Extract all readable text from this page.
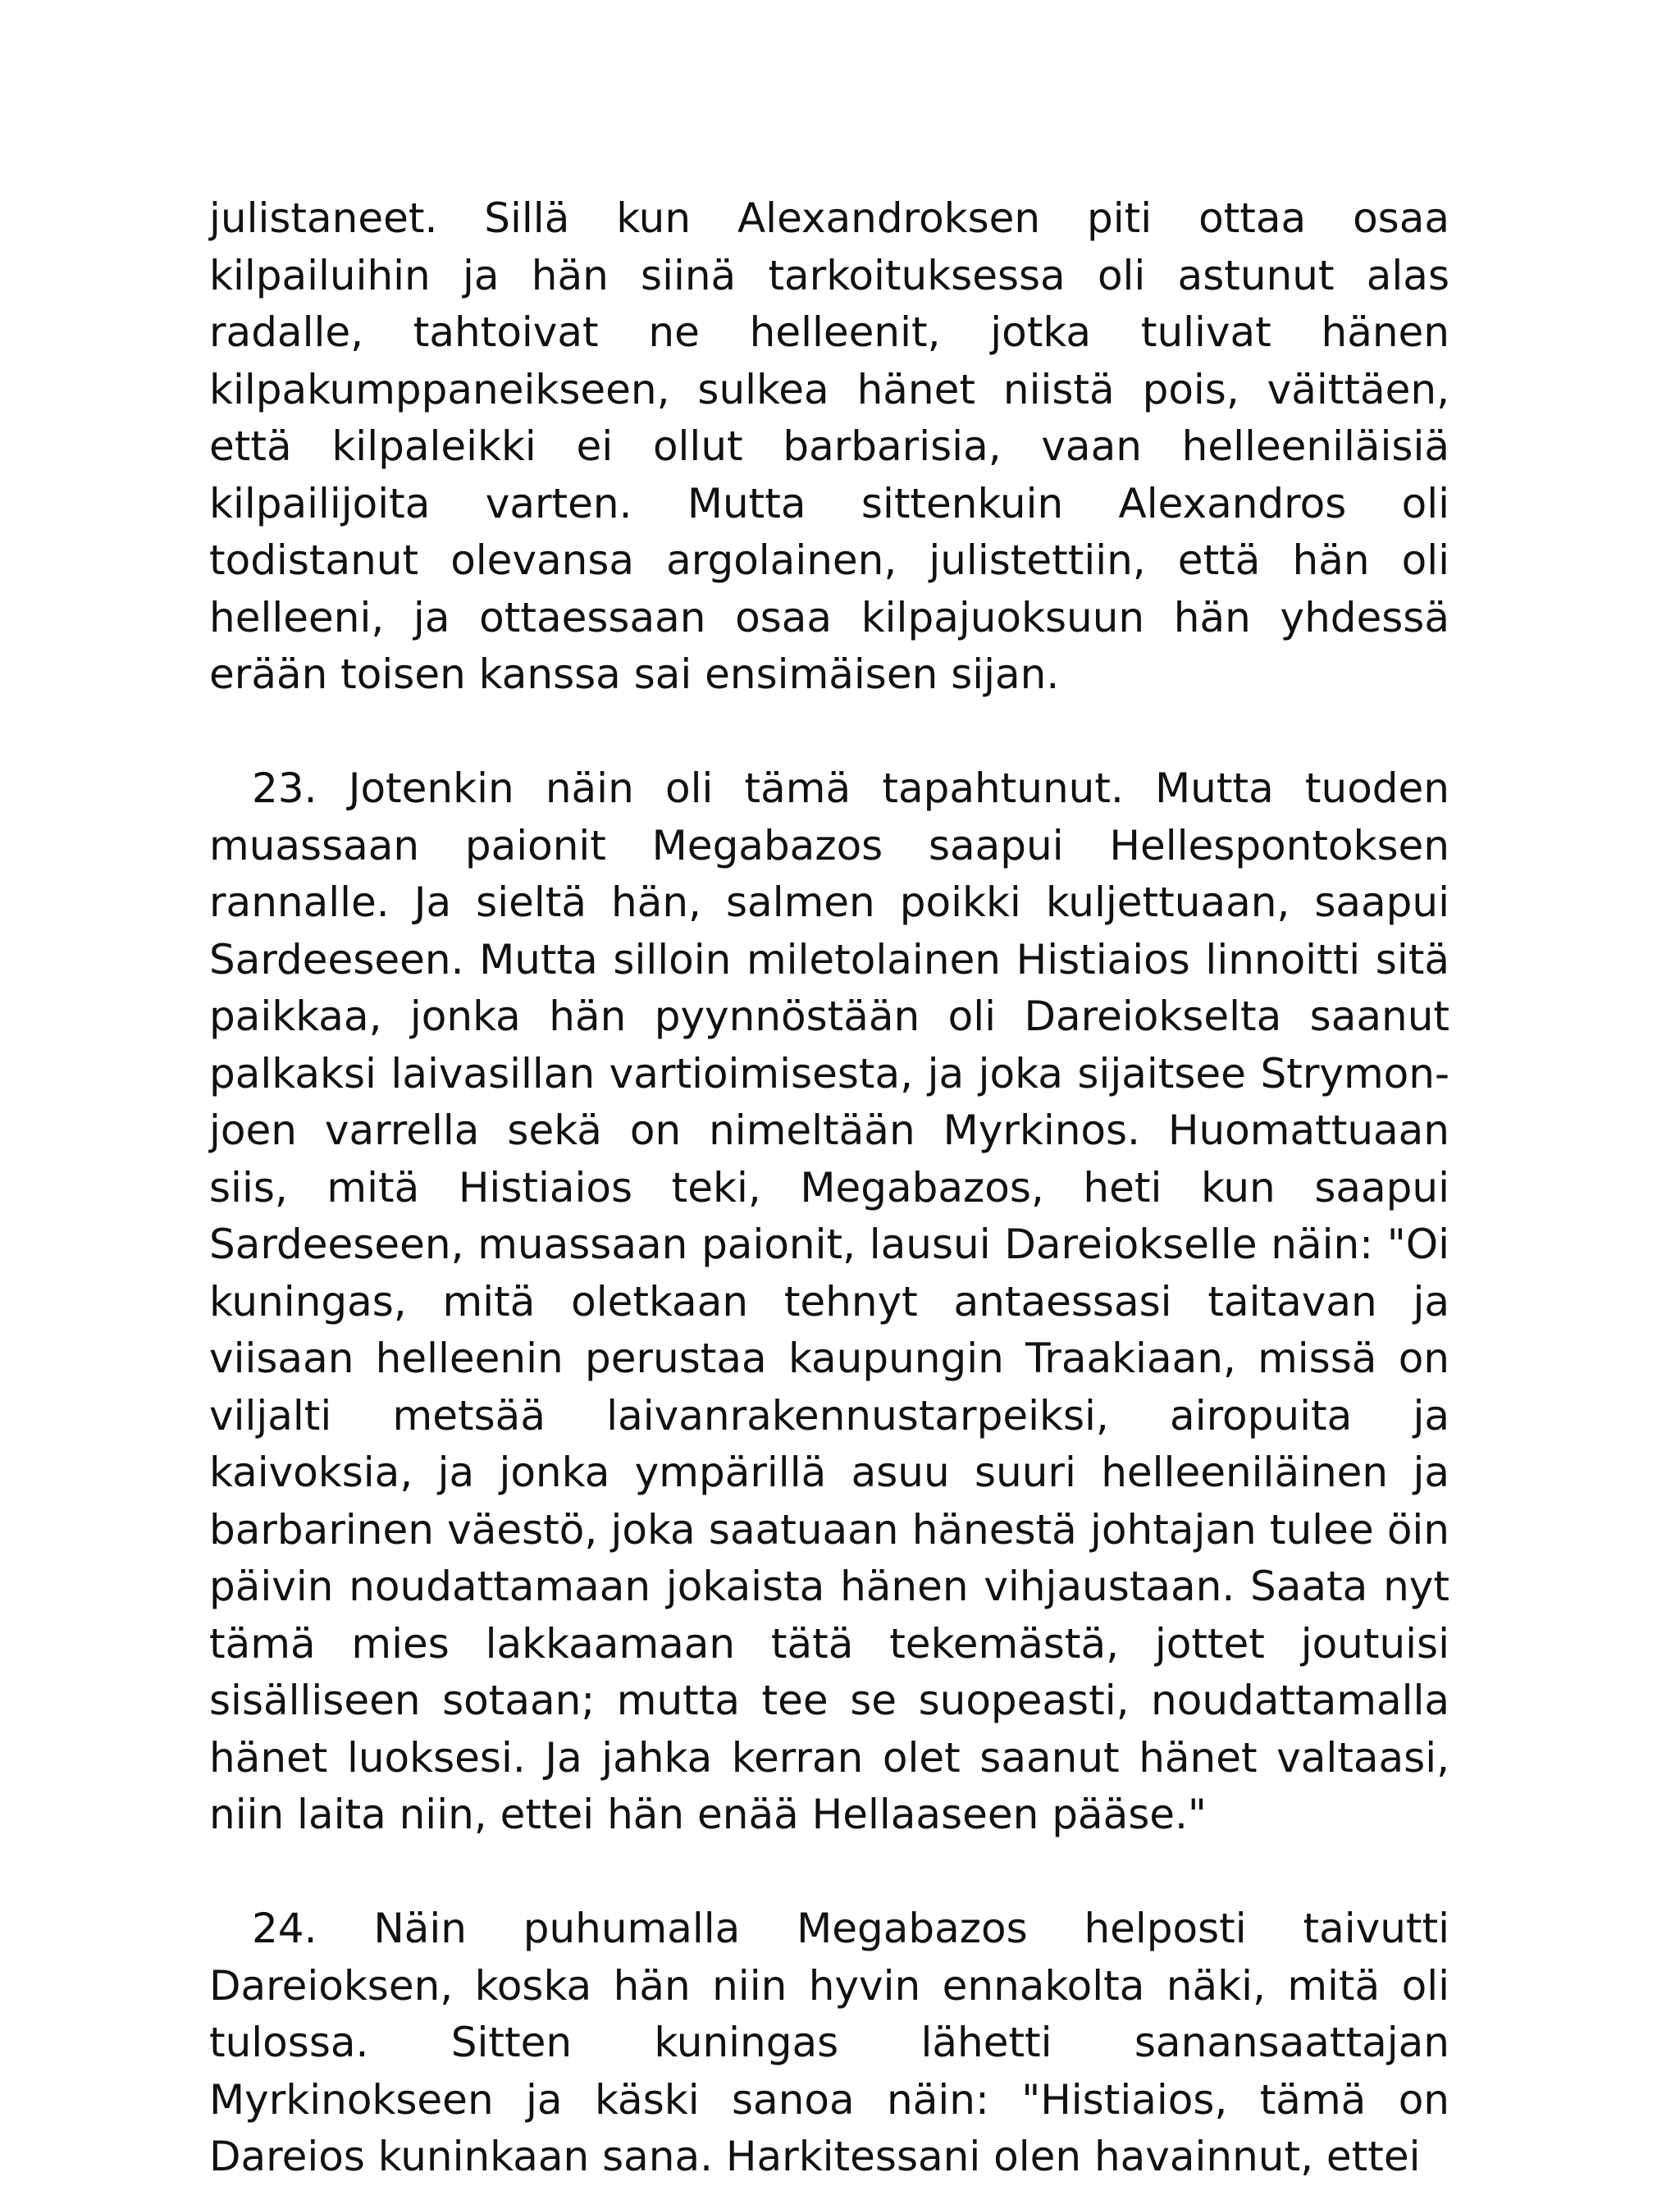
julistaneet. Sillä kun Alexandroksen piti ottaa osaa kilpailuihin ja hän siinä tarkoituksessa oli astunut alas radalle, tahtoivat ne helleenit, jotka tulivat hänen kilpakumppaneikseen, sulkea hänet niistä pois, väittäen, että kilpaleikki ei ollut barbarisia, vaan helleeniläisiä kilpailijoita varten. Mutta sittenkuin Alexandros oli todistanut olevansa argolainen, julistettiin, että hän oli helleeni, ja ottaessaan osaa kilpajuoksuun hän yhdessä erään toisen kanssa sai ensimäisen sijan.

23. Jotenkin näin oli tämä tapahtunut. Mutta tuoden muassaan paionit Megabazos saapui Hellespontoksen rannalle. Ja sieltä hän, salmen poikki kuljettuaan, saapui Sardeeseen. Mutta silloin miletolainen Histiaios linnoitti sitä paikkaa, jonka hän pyynnöstään oli Dareiokselta saanut palkaksi laivasillan vartioimisesta, ja joka sijaitsee Strymon-joen varrella sekä on nimeltään Myrkinos. Huomattuaan siis, mitä Histiaios teki, Megabazos, heti kun saapui Sardeeseen, muassaan paionit, lausui Dareiokselle näin: "Oi kuningas, mitä oletkaan tehnyt antaessasi taitavan ja viisaan helleenin perustaa kaupungin Traakiaan, missä on viljalti metsää laivanrakennustarpeiksi, airopuita ja kaivoksia, ja jonka ympärillä asuu suuri helleeniläinen ja barbarinen väestö, joka saatuaan hänestä johtajan tulee öin päivin noudattamaan jokaista hänen vihjaustaan. Saata nyt tämä mies lakkaamaan tätä tekemästä, jottet joutuisi sisälliseen sotaan; mutta tee se suopeasti, noudattamalla hänet luoksesi. Ja jahka kerran olet saanut hänet valtaasi, niin laita niin, ettei hän enää Hellaaseen pääse."

24. Näin puhumalla Megabazos helposti taivutti Dareioksen, koska hän niin hyvin ennakolta näki, mitä oli tulossa. Sitten kuningas lähetti sanansaattajan Myrkinokseen ja käski sanoa näin: "Histiaios, tämä on Dareios kuninkaan sana. Harkitessani olen havainnut, ettei
